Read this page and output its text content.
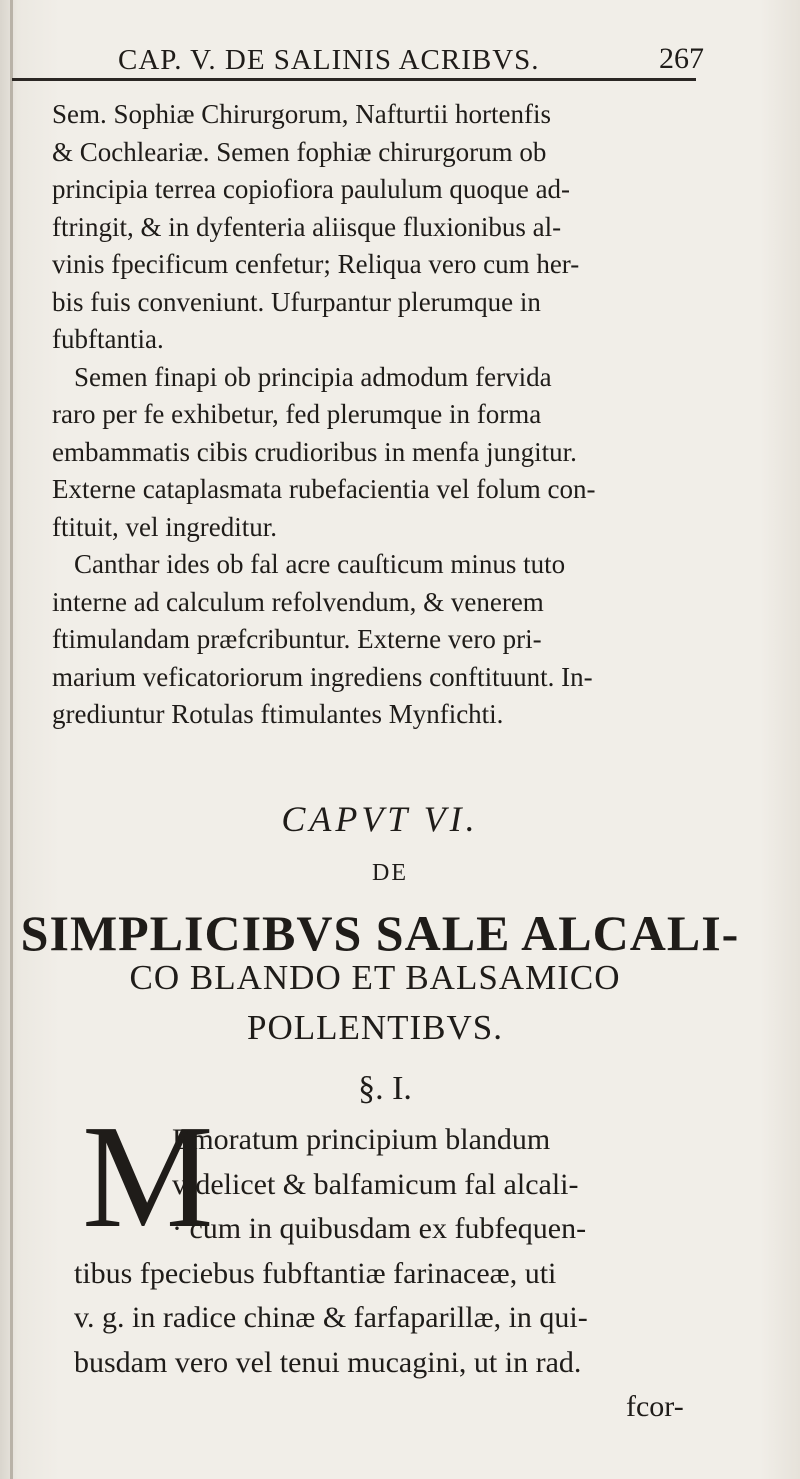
CAP. V. DE SALINIS ACRIBVS.	267

Sem. Sophiæ Chirurgorum, Nafturtii hortenfis
& Cochleariæ. Semen fophiæ chirurgorum ob
principia terrea copiofiora paululum quoque ad-
ftringit, & in dyfenteria aliisque fluxionibus al-
vinis fpecificum cenfetur; Reliqua vero cum her-
bis fuis conveniunt. Ufurpantur plerumque in
fubftantia.

Semen finapi ob principia admodum fervida
raro per fe exhibetur, fed plerumque in forma
embammatis cibis crudioribus in menfa jungitur.
Externe cataplasmata rubefacientia vel folum con-
ftituit, vel ingreditur.

Canthar ides ob fal acre cauſticum minus tuto
interne ad calculum refolvendum, & venerem
ftimulandam præfcribuntur. Externe vero pri-
marium veficatoriorum ingrediens conftituunt. In-
grediuntur Rotulas ftimulantes Mynfichti.

CAPVT VI.
DE
SIMPLICIBVS SALE ALCALI-
CO BLANDO ET BALSAMICO
POLLENTIBVS.
§. I.
M
Emoratum principium blandum
videlicet & balfamicum fal alcali-
· cum in quibusdam ex fubfequen-
tibus fpeciebus fubftantiæ farinaceæ, uti
v. g. in radice chinæ & farfaparillæ, in qui-
busdam vero vel tenui mucagini, ut in rad.
fcor-
